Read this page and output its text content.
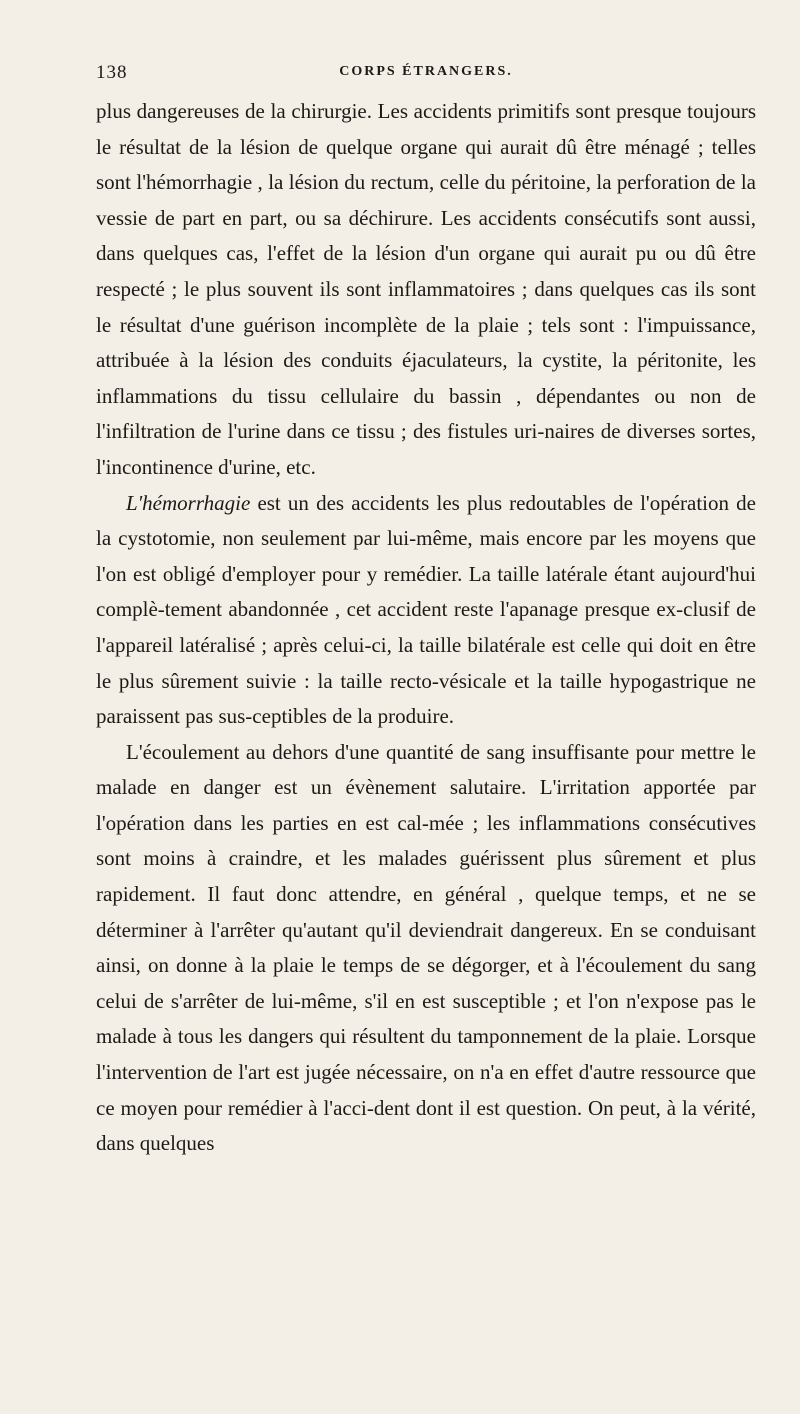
138	CORPS ÉTRANGERS.

plus dangereuses de la chirurgie. Les accidents primitifs sont presque toujours le résultat de la lésion de quelque organe qui aurait dû être ménagé ; telles sont l'hémorrhagie , la lésion du rectum, celle du péritoine, la perforation de la vessie de part en part, ou sa déchirure. Les accidents consécutifs sont aussi, dans quelques cas, l'effet de la lésion d'un organe qui aurait pu ou dû être respecté ; le plus souvent ils sont inflammatoires ; dans quelques cas ils sont le résultat d'une guérison incomplète de la plaie ; tels sont : l'impuissance, attribuée à la lésion des conduits éjaculateurs, la cystite, la péritonite, les inflammations du tissu cellulaire du bassin , dépendantes ou non de l'infiltration de l'urine dans ce tissu ; des fistules uri-naires de diverses sortes, l'incontinence d'urine, etc.

L'hémorrhagie est un des accidents les plus redoutables de l'opération de la cystotomie, non seulement par lui-même, mais encore par les moyens que l'on est obligé d'employer pour y remédier. La taille latérale étant aujourd'hui complè-tement abandonnée , cet accident reste l'apanage presque ex-clusif de l'appareil latéralisé ; après celui-ci, la taille bilatérale est celle qui doit en être le plus sûrement suivie : la taille recto-vésicale et la taille hypogastrique ne paraissent pas sus-ceptibles de la produire.

L'écoulement au dehors d'une quantité de sang insuffisante pour mettre le malade en danger est un évènement salutaire. L'irritation apportée par l'opération dans les parties en est cal-mée ; les inflammations consécutives sont moins à craindre, et les malades guérissent plus sûrement et plus rapidement. Il faut donc attendre, en général , quelque temps, et ne se déterminer à l'arrêter qu'autant qu'il deviendrait dangereux. En se conduisant ainsi, on donne à la plaie le temps de se dégorger, et à l'écoulement du sang celui de s'arrêter de lui-même, s'il en est susceptible ; et l'on n'expose pas le malade à tous les dangers qui résultent du tamponnement de la plaie. Lorsque l'intervention de l'art est jugée nécessaire, on n'a en effet d'autre ressource que ce moyen pour remédier à l'acci-dent dont il est question. On peut, à la vérité, dans quelques
